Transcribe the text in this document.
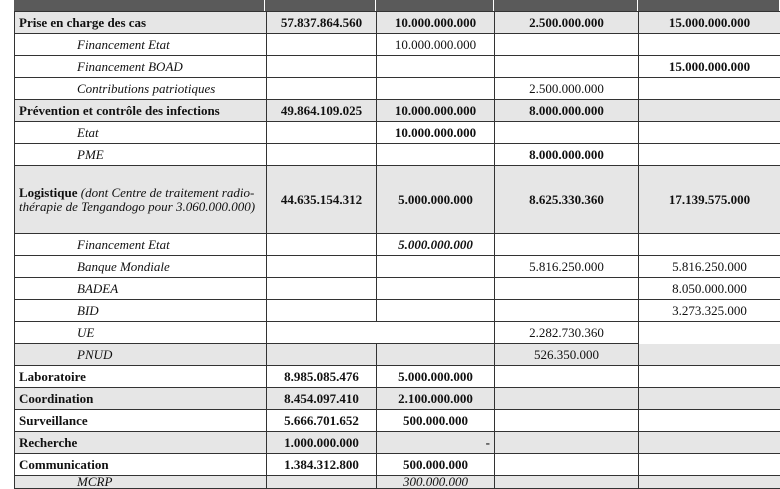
Prise en charge des cas	57.837.864.560	10.000.000.000	2.500.000.000	15.000.000.000
Financement Etat		10.000.000.000		
Financement BOAD				15.000.000.000
Contributions patriotiques			2.500.000.000	
Prévention et contrôle des infections	49.864.109.025	10.000.000.000	8.000.000.000	
Etat		10.000.000.000		
PME			8.000.000.000	
Logistique (dont Centre de traitement radio-thérapie de Tengandogo pour 3.060.000.000)	44.635.154.312	5.000.000.000	8.625.330.360	17.139.575.000
Financement Etat		5.000.000.000		
Banque Mondiale			5.816.250.000	5.816.250.000
BADEA				8.050.000.000
BID				3.273.325.000
UE			2.282.730.360	
PNUD			526.350.000	
Laboratoire	8.985.085.476	5.000.000.000		
Coordination	8.454.097.410	2.100.000.000		
Surveillance	5.666.701.652	500.000.000		
Recherche	1.000.000.000	-		
Communication	1.384.312.800	500.000.000		
MCRP		300.000.000		
